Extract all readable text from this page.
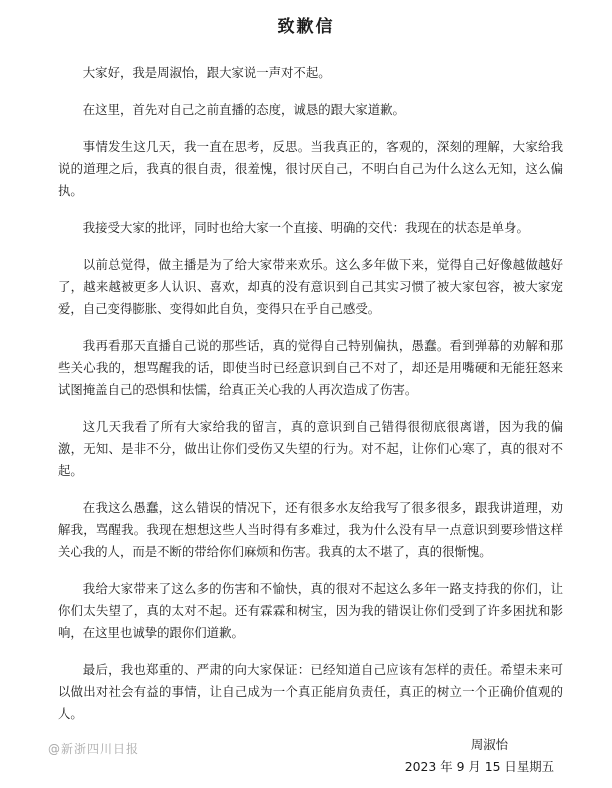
致歉信

大家好，我是周淑怡，跟大家说一声对不起。

在这里，首先对自己之前直播的态度，诚恳的跟大家道歉。

事情发生这几天，我一直在思考，反思。当我真正的，客观的，深刻的理解，大家给我说的道理之后，我真的很自责，很羞愧，很讨厌自己，不明白自己为什么这么无知，这么偏执。

我接受大家的批评，同时也给大家一个直接、明确的交代：我现在的状态是单身。

以前总觉得，做主播是为了给大家带来欢乐。这么多年做下来，觉得自己好像越做越好了，越来越被更多人认识、喜欢，却真的没有意识到自己其实习惯了被大家包容，被大家宠爱，自己变得膨胀、变得如此自负，变得只在乎自己感受。

我再看那天直播自己说的那些话，真的觉得自己特别偏执，愚蠢。看到弹幕的劝解和那些关心我的，想骂醒我的话，即使当时已经意识到自己不对了，却还是用嘴硬和无能狂怒来试图掩盖自己的恐惧和怯懦，给真正关心我的人再次造成了伤害。

这几天我看了所有大家给我的留言，真的意识到自己错得很彻底很离谱，因为我的偏激，无知、是非不分，做出让你们受伤又失望的行为。对不起，让你们心寒了，真的很对不起。

在我这么愚蠢，这么错误的情况下，还有很多水友给我写了很多很多，跟我讲道理，劝解我，骂醒我。我现在想想这些人当时得有多难过，我为什么没有早一点意识到要珍惜这样关心我的人，而是不断的带给你们麻烦和伤害。我真的太不堪了，真的很惭愧。

我给大家带来了这么多的伤害和不愉快，真的很对不起这么多年一路支持我的你们，让你们太失望了，真的太对不起。还有霖霖和树宝，因为我的错误让你们受到了许多困扰和影响，在这里也诚挚的跟你们道歉。

最后，我也郑重的、严肃的向大家保证：已经知道自己应该有怎样的责任。希望未来可以做出对社会有益的事情，让自己成为一个真正能肩负责任，真正的树立一个正确价值观的人。

@新浙四川日报	周淑怡
2023 年 9 月 15 日星期五
